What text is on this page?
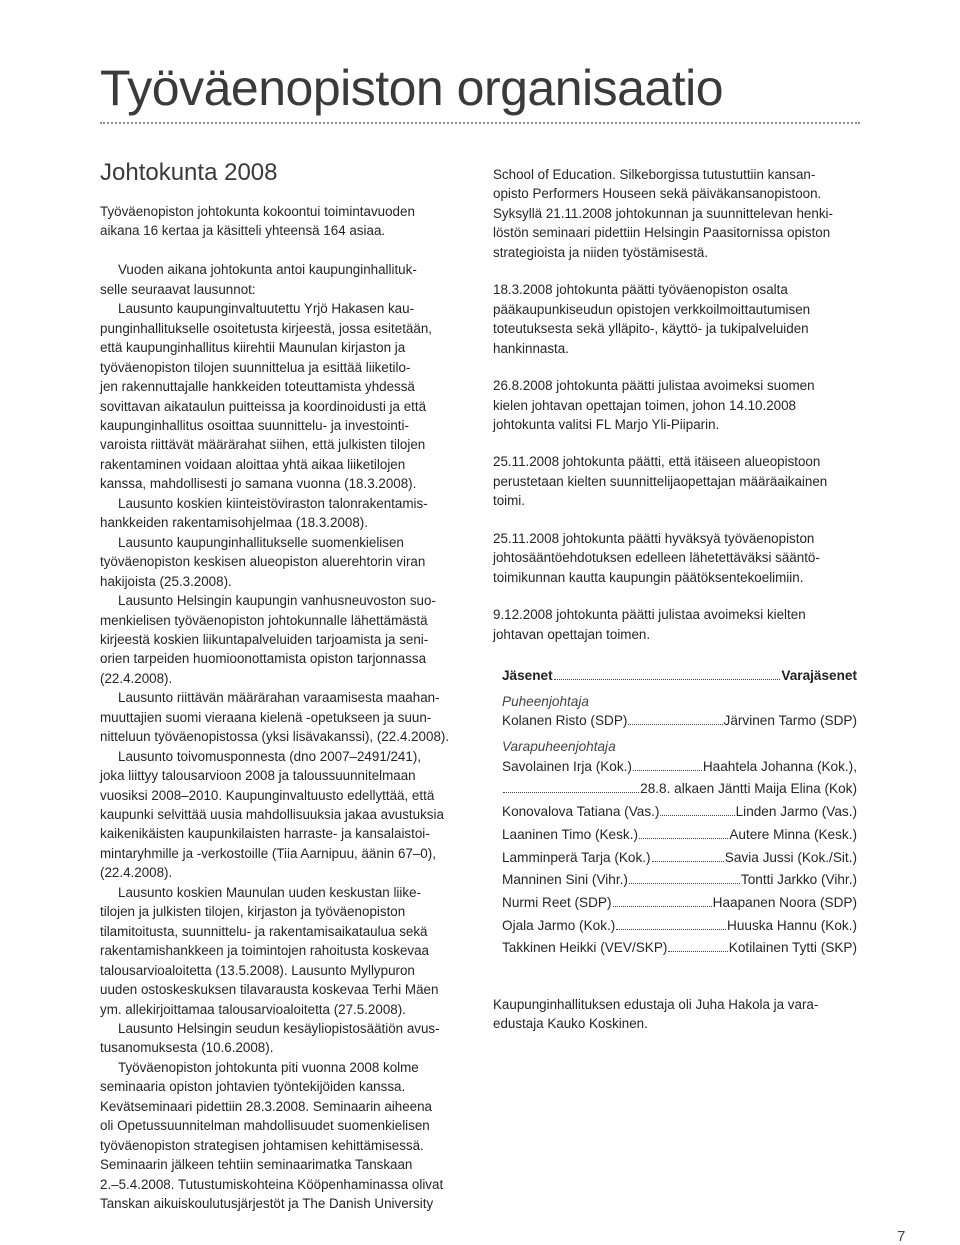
Työväenopiston organisaatio
Johtokunta 2008

Työväenopiston johtokunta kokoontui toimintavuoden

aikana 16 kertaa ja käsitteli yhteensä 164 asiaa.

Vuoden aikana johtokunta antoi kaupunginhallituk-

selle seuraavat lausunnot:

Lausunto kaupunginvaltuutettu Yrjö Hakasen kau-

punginhallitukselle osoitetusta kirjeestä, jossa esitetään,

että kaupunginhallitus kiirehtii Maunulan kirjaston ja

työväenopiston tilojen suunnittelua ja esittää liiketilo-

jen rakennuttajalle hankkeiden toteuttamista yhdessä

sovittavan aikataulun puitteissa ja koordinoidusti ja että

kaupunginhallitus osoittaa suunnittelu- ja investointi-

varoista riittävät määrärahat siihen, että julkisten tilojen

rakentaminen voidaan aloittaa yhtä aikaa liiketilojen

kanssa, mahdollisesti jo samana vuonna (18.3.2008).

Lausunto koskien kiinteistöviraston talonrakentamis-

hankkeiden rakentamisohjelmaa (18.3.2008).

Lausunto kaupunginhallitukselle suomenkielisen

työväenopiston keskisen alueopiston aluerehtorin viran

hakijoista (25.3.2008).

Lausunto Helsingin kaupungin vanhusneuvoston suo-

menkielisen työväenopiston johtokunnalle lähettämästä

kirjeestä koskien liikuntapalveluiden tarjoamista ja seni-

orien tarpeiden huomioonottamista opiston tarjonnassa

(22.4.2008).

Lausunto riittävän määrärahan varaamisesta maahan-

muuttajien suomi vieraana kielenä -opetukseen ja suun-

nitteluun työväenopistossa (yksi lisävakanssi), (22.4.2008).

Lausunto toivomusponnesta (dno 2007–2491/241),

joka liittyy talousarvioon 2008 ja taloussuunnitelmaan

vuosiksi 2008–2010. Kaupunginvaltuusto edellyttää, että

kaupunki selvittää uusia mahdollisuuksia jakaa avustuksia

kaikenikäisten kaupunkilaisten harraste- ja kansalaistoi-

mintaryhmille ja -verkostoille (Tiia Aarnipuu, äänin 67–0),

(22.4.2008).

Lausunto koskien Maunulan uuden keskustan liike-

tilojen ja julkisten tilojen, kirjaston ja työväenopiston

tilamitoitusta, suunnittelu- ja rakentamisaikataulua sekä

rakentamishankkeen ja toimintojen rahoitusta koskevaa

talousarvioalоitetta (13.5.2008). Lausunto Myllypuron

uuden ostoskeskuksen tilavarausta koskevaa Terhi Mäen

ym. allekirjoittamaa talousarvioaloitetta (27.5.2008).

Lausunto Helsingin seudun kesäyliopistosäätiön avus-

tusanomuksesta (10.6.2008).

Työväenopiston johtokunta piti vuonna 2008 kolme

seminaaria opiston johtavien työntekijöiden kanssa.

Kevätseminaari pidettiin 28.3.2008. Seminaarin aiheena

oli Opetussuunnitelman mahdollisuudet suomenkielisen

työväenopiston strategisen johtamisen kehittämisessä.

Seminaarin jälkeen tehtiin seminaarimatka Tanskaan

2.–5.4.2008. Tutustumiskohteina Kööpenhaminassa olivat

Tanskan aikuiskoulutusjärjestöt ja The Danish University

School of Education. Silkeborgissa tutustuttiin kansan-

opisto Performers Houseen sekä päiväkansanopistoon.

Syksyllä 21.11.2008 johtokunnan ja suunnittelevan henki-

löstön seminaari pidettiin Helsingin Paasitornissa opiston

strategioista ja niiden työstämisestä.

18.3.2008 johtokunta päätti työväenopiston osalta

pääkaupunkiseudun opistojen verkkoilmoittautumisen

toteutuksesta sekä ylläpito-, käyttö- ja tukipalveluiden

hankinnasta.

26.8.2008 johtokunta päätti julistaa avoimeksi suomen

kielen johtavan opettajan toimen, johon 14.10.2008

johtokunta valitsi FL Marjo Yli-Piiparin.

25.11.2008 johtokunta päätti, että itäiseen alueopistoon

perustetaan kielten suunnittelijaopettajan määräaikainen

toimi.

25.11.2008 johtokunta päätti hyväksyä työväenopiston

johtosääntöehdotuksen edelleen lähetettäväksi sääntö-

toimikunnan kautta kaupungin päätöksentekoelimiin.

9.12.2008 johtokunta päätti julistaa avoimeksi kielten

johtavan opettajan toimen.

Jäsenet	Varajäsenet
Puheenjohtaja
Kolanen Risto (SDP)	Järvinen Tarmo (SDP)
Varapuheenjohtaja
Savolainen Irja (Kok.)	Haahtela Johanna (Kok.),
28.8. alkaen Jäntti Maija Elina (Kok)
Konovalova Tatiana (Vas.)	Linden Jarmo (Vas.)
Laaninen Timo (Kesk.)	Autere Minna (Kesk.)
Lamminperä Tarja (Kok.)	Savia Jussi (Kok./Sit.)
Manninen Sini (Vihr.)	Tontti Jarkko (Vihr.)
Nurmi Reet (SDP)	Haapanen Noora (SDP)
Ojala Jarmo (Kok.)	Huuska Hannu (Kok.)
Takkinen Heikki (VEV/SKP)	Kotilainen Tytti (SKP)

Kaupunginhallituksen edustaja oli Juha Hakola ja vara-

edustaja Kauko Koskinen.

7
